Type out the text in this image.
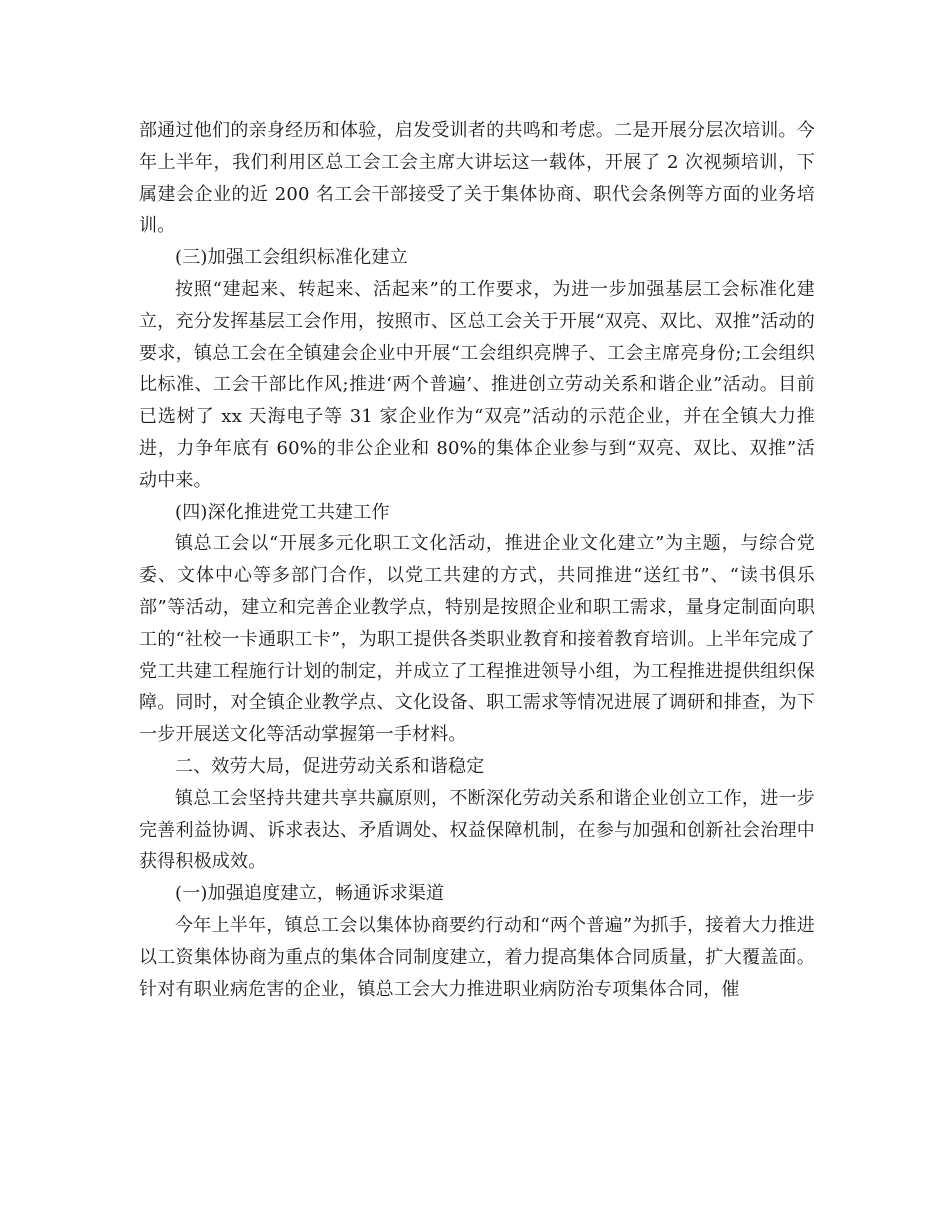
部通过他们的亲身经历和体验，启发受训者的共鸣和考虑。二是开展分层次培训。今年上半年，我们利用区总工会工会主席大讲坛这一载体，开展了 2 次视频培训，下属建会企业的近 200 名工会干部接受了关于集体协商、职代会条例等方面的业务培训。

(三)加强工会组织标准化建立

按照“建起来、转起来、活起来”的工作要求，为进一步加强基层工会标准化建立，充分发挥基层工会作用，按照市、区总工会关于开展“双亮、双比、双推”活动的要求，镇总工会在全镇建会企业中开展“工会组织亮牌子、工会主席亮身份;工会组织比标准、工会干部比作风;推进‘两个普遍’、推进创立劳动关系和谐企业”活动。目前已选树了 xx 天海电子等 31 家企业作为“双亮”活动的示范企业，并在全镇大力推进，力争年底有 60%的非公企业和 80%的集体企业参与到“双亮、双比、双推”活动中来。

(四)深化推进党工共建工作

镇总工会以“开展多元化职工文化活动，推进企业文化建立”为主题，与综合党委、文体中心等多部门合作，以党工共建的方式，共同推进“送红书”、“读书俱乐部”等活动，建立和完善企业教学点，特别是按照企业和职工需求，量身定制面向职工的“社校一卡通职工卡”，为职工提供各类职业教育和接着教育培训。上半年完成了党工共建工程施行计划的制定，并成立了工程推进领导小组，为工程推进提供组织保障。同时，对全镇企业教学点、文化设备、职工需求等情况进展了调研和排查，为下一步开展送文化等活动掌握第一手材料。

二、效劳大局，促进劳动关系和谐稳定

镇总工会坚持共建共享共赢原则，不断深化劳动关系和谐企业创立工作，进一步完善利益协调、诉求表达、矛盾调处、权益保障机制，在参与加强和创新社会治理中获得积极成效。

(一)加强追度建立，畅通诉求渠道

今年上半年，镇总工会以集体协商要约行动和“两个普遍”为抓手，接着大力推进以工资集体协商为重点的集体合同制度建立，着力提高集体合同质量，扩大覆盖面。针对有职业病危害的企业，镇总工会大力推进职业病防治专项集体合同，催
